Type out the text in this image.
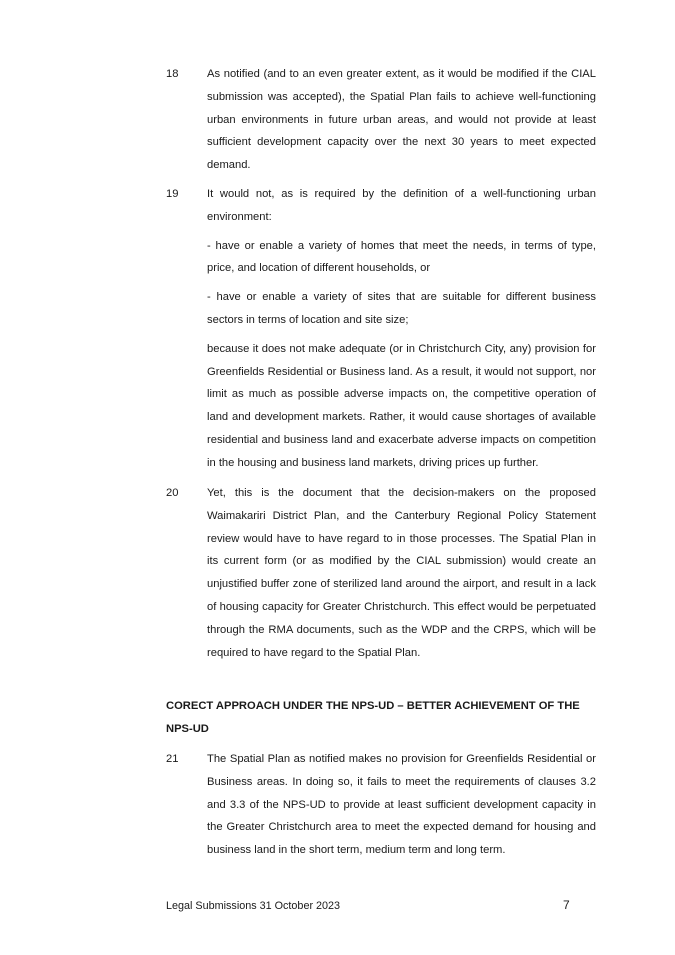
18	As notified (and to an even greater extent, as it would be modified if the CIAL submission was accepted), the Spatial Plan fails to achieve well-functioning urban environments in future urban areas, and would not provide at least sufficient development capacity over the next 30 years to meet expected demand.

19	It would not, as is required by the definition of a well-functioning urban environment:

- have or enable a variety of homes that meet the needs, in terms of type, price, and location of different households, or

- have or enable a variety of sites that are suitable for different business sectors in terms of location and site size;

because it does not make adequate (or in Christchurch City, any) provision for Greenfields Residential or Business land. As a result, it would not support, nor limit as much as possible adverse impacts on, the competitive operation of land and development markets. Rather, it would cause shortages of available residential and business land and exacerbate adverse impacts on competition in the housing and business land markets, driving prices up further.

20	Yet, this is the document that the decision-makers on the proposed Waimakariri District Plan, and the Canterbury Regional Policy Statement review would have to have regard to in those processes. The Spatial Plan in its current form (or as modified by the CIAL submission) would create an unjustified buffer zone of sterilized land around the airport, and result in a lack of housing capacity for Greater Christchurch. This effect would be perpetuated through the RMA documents, such as the WDP and the CRPS, which will be required to have regard to the Spatial Plan.

CORECT APPROACH UNDER THE NPS-UD – BETTER ACHIEVEMENT OF THE NPS-UD
21	The Spatial Plan as notified makes no provision for Greenfields Residential or Business areas. In doing so, it fails to meet the requirements of clauses 3.2 and 3.3 of the NPS-UD to provide at least sufficient development capacity in the Greater Christchurch area to meet the expected demand for housing and business land in the short term, medium term and long term.

Legal Submissions 31 October 2023	7
